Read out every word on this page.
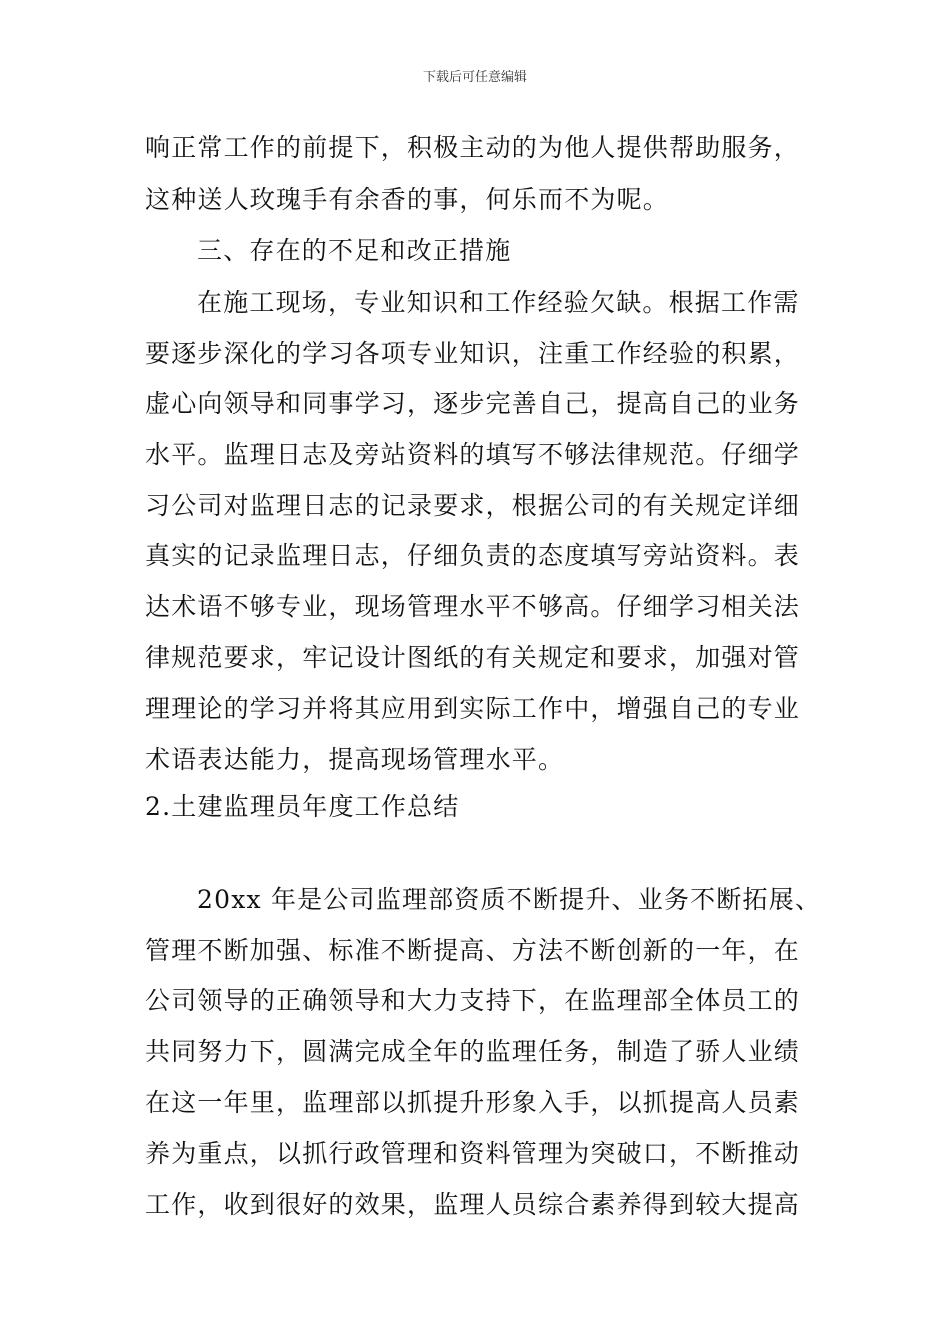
下载后可任意编辑
响正常工作的前提下，积极主动的为他人提供帮助服务，
这种送人玫瑰手有余香的事，何乐而不为呢。
三、存在的不足和改正措施
在施工现场，专业知识和工作经验欠缺。根据工作需
要逐步深化的学习各项专业知识，注重工作经验的积累，
虚心向领导和同事学习，逐步完善自己，提高自己的业务
水平。监理日志及旁站资料的填写不够法律规范。仔细学
习公司对监理日志的记录要求，根据公司的有关规定详细
真实的记录监理日志，仔细负责的态度填写旁站资料。表
达术语不够专业，现场管理水平不够高。仔细学习相关法
律规范要求，牢记设计图纸的有关规定和要求，加强对管
理理论的学习并将其应用到实际工作中，增强自己的专业
术语表达能力，提高现场管理水平。
2.土建监理员年度工作总结
20xx 年是公司监理部资质不断提升、业务不断拓展、
管理不断加强、标准不断提高、方法不断创新的一年，在
公司领导的正确领导和大力支持下，在监理部全体员工的
共同努力下，圆满完成全年的监理任务，制造了骄人业绩
在这一年里，监理部以抓提升形象入手，以抓提高人员素
养为重点，以抓行政管理和资料管理为突破口，不断推动
工作，收到很好的效果，监理人员综合素养得到较大提高
